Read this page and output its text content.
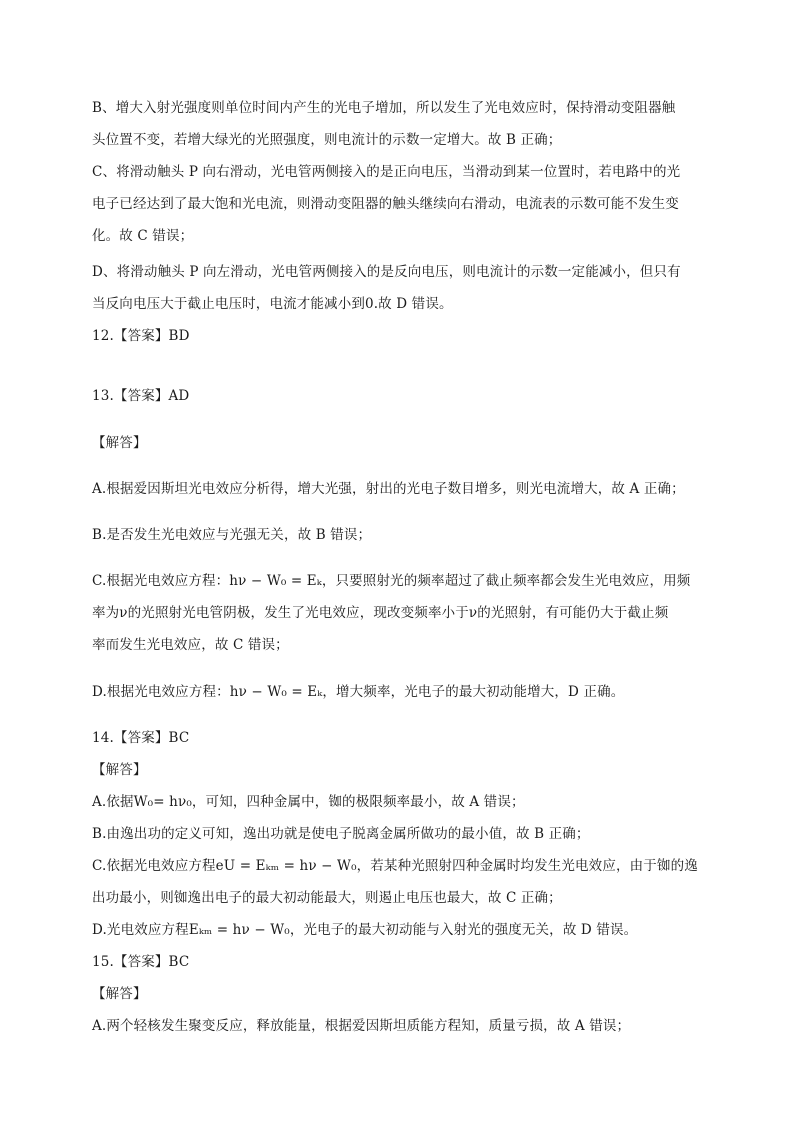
B、增大入射光强度则单位时间内产生的光电子增加，所以发生了光电效应时，保持滑动变阻器触
头位置不变，若增大绿光的光照强度，则电流计的示数一定增大。故 B 正确；
C、将滑动触头 P 向右滑动，光电管两侧接入的是正向电压，当滑动到某一位置时，若电路中的光
电子已经达到了最大饱和光电流，则滑动变阻器的触头继续向右滑动，电流表的示数可能不发生变
化。故 C 错误；
D、将滑动触头 P 向左滑动，光电管两侧接入的是反向电压，则电流计的示数一定能减小，但只有
当反向电压大于截止电压时，电流才能减小到0.故 D 错误。
12.【答案】BD
13.【答案】AD
【解答】
A.根据爱因斯坦光电效应分析得，增大光强，射出的光电子数目增多，则光电流增大，故 A 正确；
B.是否发生光电效应与光强无关，故 B 错误；
C.根据光电效应方程：hν − W₀ = Eₖ，只要照射光的频率超过了截止频率都会发生光电效应，用频
率为ν的光照射光电管阴极，发生了光电效应，现改变频率小于ν的光照射，有可能仍大于截止频
率而发生光电效应，故 C 错误；
D.根据光电效应方程：hν − W₀ = Eₖ，增大频率，光电子的最大初动能增大，D 正确。
14.【答案】BC
【解答】
A.依据W₀= hν₀，可知，四种金属中，铷的极限频率最小，故 A 错误；
B.由逸出功的定义可知，逸出功就是使电子脱离金属所做功的最小值，故 B 正确；
C.依据光电效应方程eU = Eₖₘ = hν − W₀，若某种光照射四种金属时均发生光电效应，由于铷的逸
出功最小，则铷逸出电子的最大初动能最大，则遏止电压也最大，故 C 正确；
D.光电效应方程Eₖₘ = hν − W₀，光电子的最大初动能与入射光的强度无关，故 D 错误。
15.【答案】BC
【解答】
A.两个轻核发生聚变反应，释放能量，根据爱因斯坦质能方程知，质量亏损，故 A 错误；
